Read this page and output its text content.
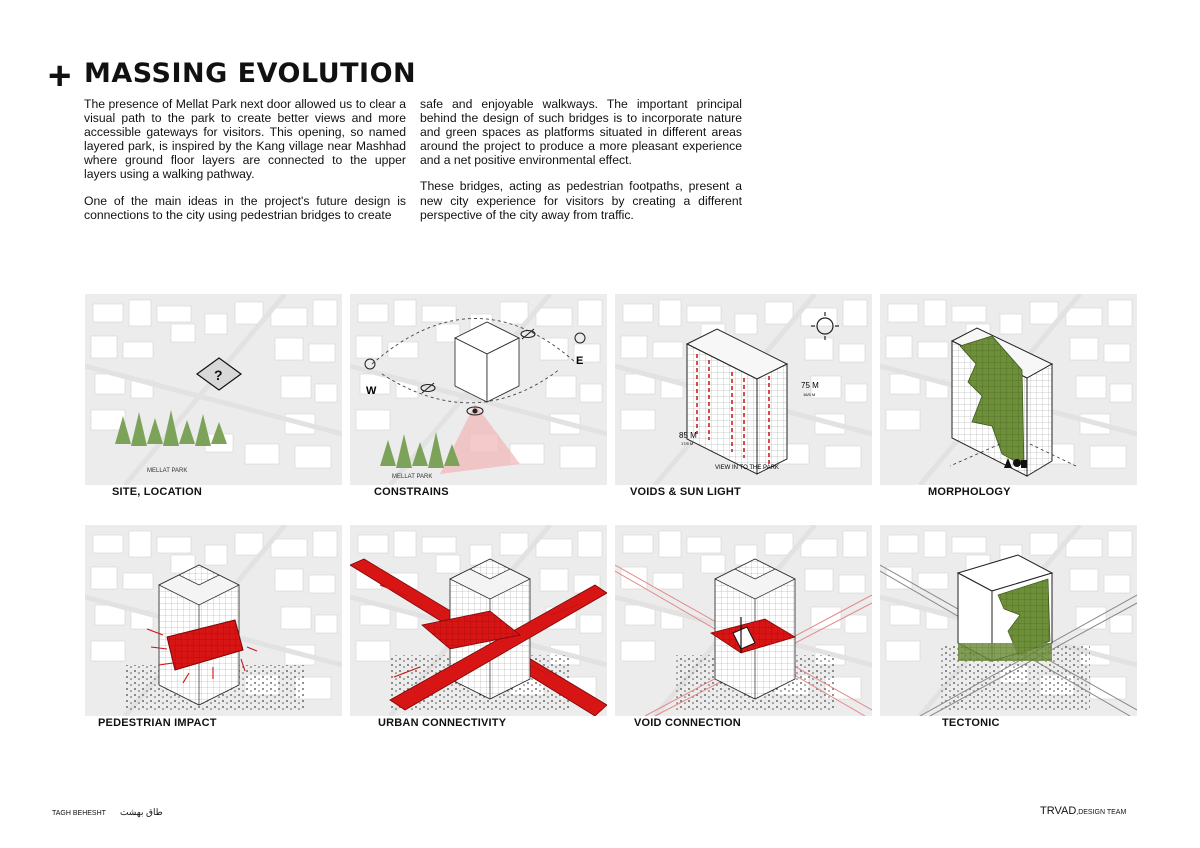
+ MASSING EVOLUTION

The presence of Mellat Park next door allowed us to clear a visual path to the park to create better views and more accessible gateways for visitors. This opening, so named layered park, is inspired by the Kang village near Mashhad where ground floor layers are connected to the upper layers using a walking pathway.

One of the main ideas in the project's future design is connections to the city using pedestrian bridges to create

safe and enjoyable walkways. The important principal behind the design of such bridges is to incorporate nature and green spaces as platforms situated in different areas around the project to produce a more pleasant experience and a net positive environmental effect.

These bridges, acting as pedestrian footpaths, present a new city experience for visitors by creating a different perspective of the city away from traffic.

?
MELLAT PARK
SITE, LOCATION
W
E
MELLAT PARK
CONSTRAINS
75 M
16/5 M
85 M
17/5 M
VIEW IN TO THE PARK
VOIDS & SUN LIGHT	MORPHOLOGY
PEDESTRIAN IMPACT	URBAN CONNECTIVITY	VOID CONNECTION	TECTONIC
TAGH BEHESHT طاق بهشت	TRVAD,DESIGN TEAM
